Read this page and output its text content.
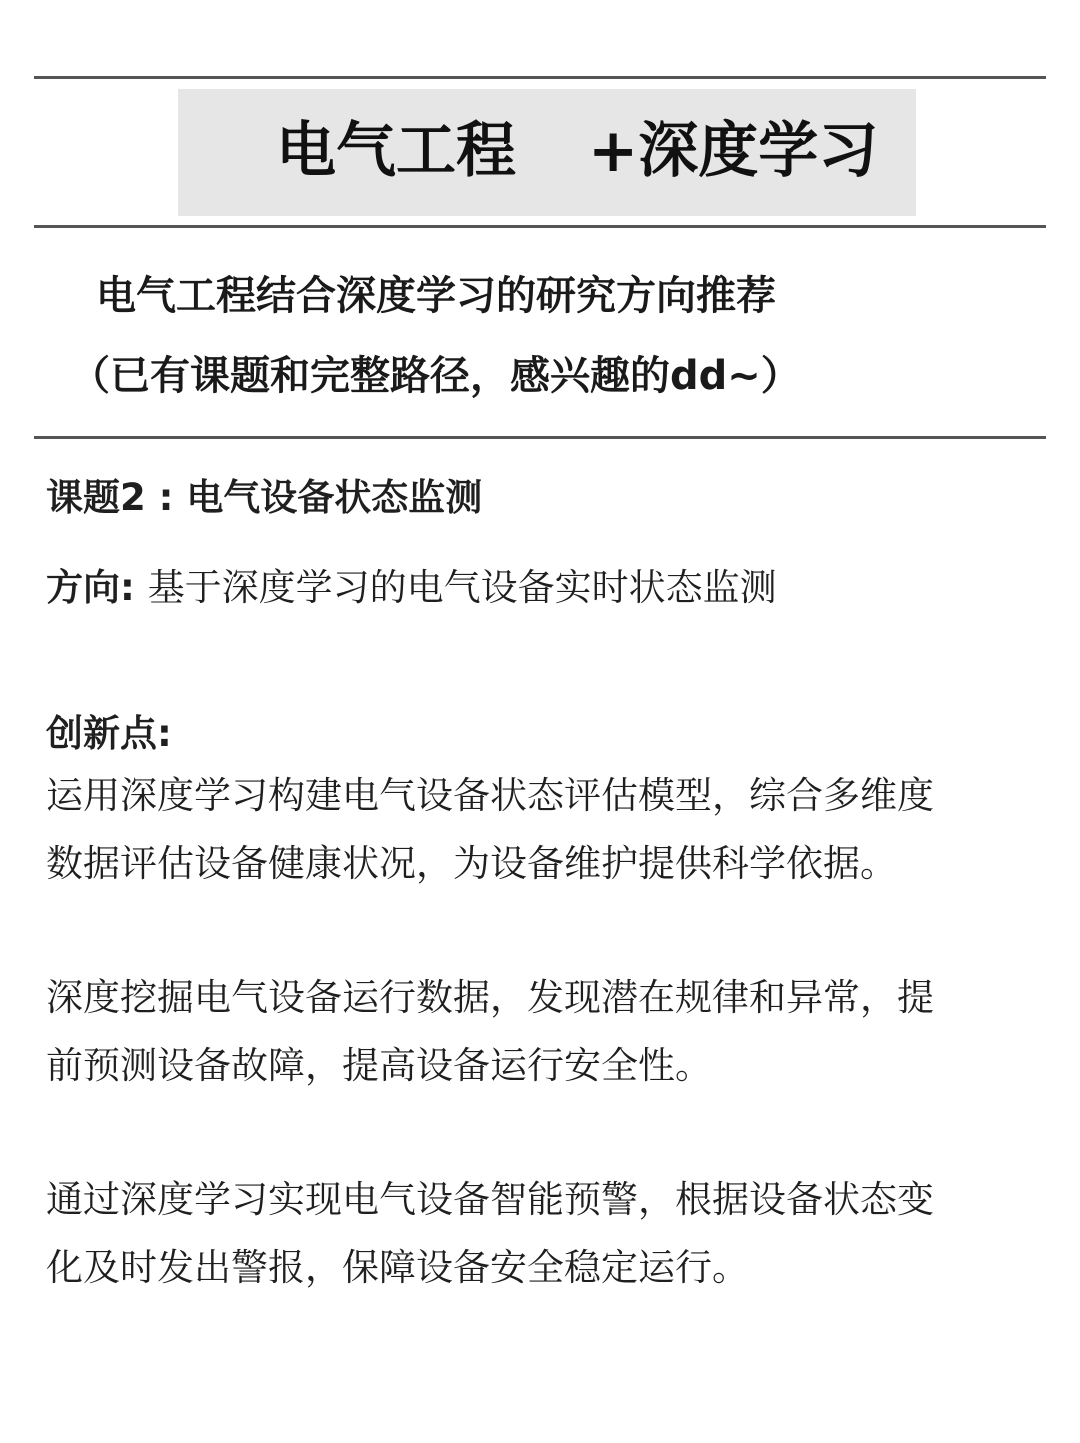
电气工程 +深度学习
电气工程结合深度学习的研究方向推荐
（已有课题和完整路径，感兴趣的dd~）
课题2 : 电气设备状态监测
方向: 基于深度学习的电气设备实时状态监测
创新点:
运用深度学习构建电气设备状态评估模型，综合多维度
数据评估设备健康状况，为设备维护提供科学依据。
深度挖掘电气设备运行数据，发现潜在规律和异常，提
前预测设备故障，提高设备运行安全性。
通过深度学习实现电气设备智能预警，根据设备状态变
化及时发出警报，保障设备安全稳定运行。
